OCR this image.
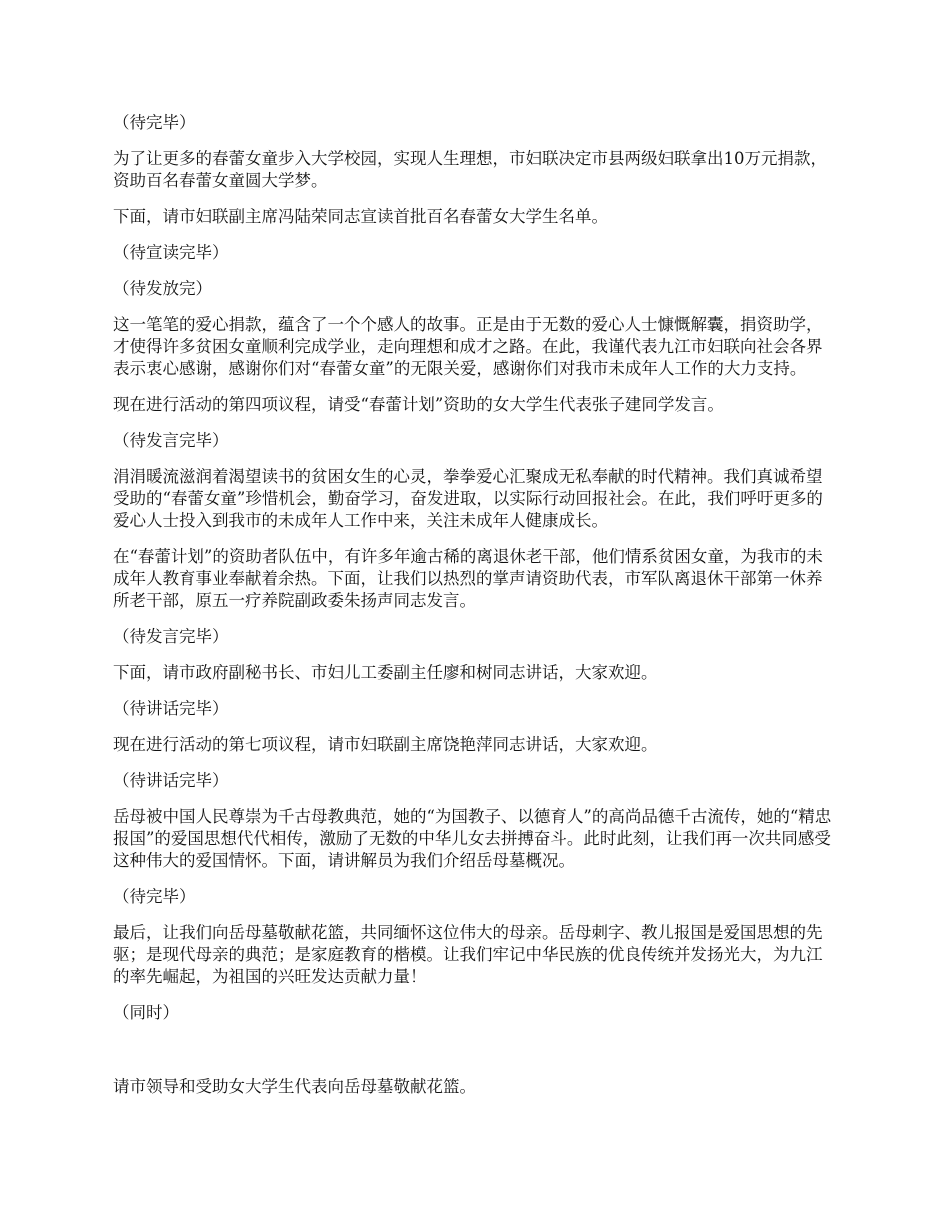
（待完毕）

为了让更多的春蕾女童步入大学校园，实现人生理想，市妇联决定市县两级妇联拿出10万元捐款，资助百名春蕾女童圆大学梦。

下面，请市妇联副主席冯陆荣同志宣读首批百名春蕾女大学生名单。

（待宣读完毕）

（待发放完）

这一笔笔的爱心捐款，蕴含了一个个感人的故事。正是由于无数的爱心人士慷慨解囊，捐资助学，才使得许多贫困女童顺利完成学业，走向理想和成才之路。在此，我谨代表九江市妇联向社会各界表示衷心感谢，感谢你们对“春蕾女童”的无限关爱，感谢你们对我市未成年人工作的大力支持。

现在进行活动的第四项议程，请受“春蕾计划”资助的女大学生代表张子建同学发言。

（待发言完毕）

涓涓暖流滋润着渴望读书的贫困女生的心灵，拳拳爱心汇聚成无私奉献的时代精神。我们真诚希望受助的“春蕾女童”珍惜机会，勤奋学习，奋发进取，以实际行动回报社会。在此，我们呼吁更多的爱心人士投入到我市的未成年人工作中来，关注未成年人健康成长。

在“春蕾计划”的资助者队伍中，有许多年逾古稀的离退休老干部，他们情系贫困女童，为我市的未成年人教育事业奉献着余热。下面，让我们以热烈的掌声请资助代表，市军队离退休干部第一休养所老干部，原五一疗养院副政委朱扬声同志发言。

（待发言完毕）

下面，请市政府副秘书长、市妇儿工委副主任廖和树同志讲话，大家欢迎。

（待讲话完毕）

现在进行活动的第七项议程，请市妇联副主席饶艳萍同志讲话，大家欢迎。

（待讲话完毕）

岳母被中国人民尊崇为千古母教典范，她的“为国教子、以德育人”的高尚品德千古流传，她的“精忠报国”的爱国思想代代相传，激励了无数的中华儿女去拼搏奋斗。此时此刻，让我们再一次共同感受这种伟大的爱国情怀。下面，请讲解员为我们介绍岳母墓概况。

（待完毕）

最后，让我们向岳母墓敬献花篮，共同缅怀这位伟大的母亲。岳母刺字、教儿报国是爱国思想的先驱；是现代母亲的典范；是家庭教育的楷模。让我们牢记中华民族的优良传统并发扬光大，为九江的率先崛起，为祖国的兴旺发达贡献力量！

（同时）

请市领导和受助女大学生代表向岳母墓敬献花篮。
